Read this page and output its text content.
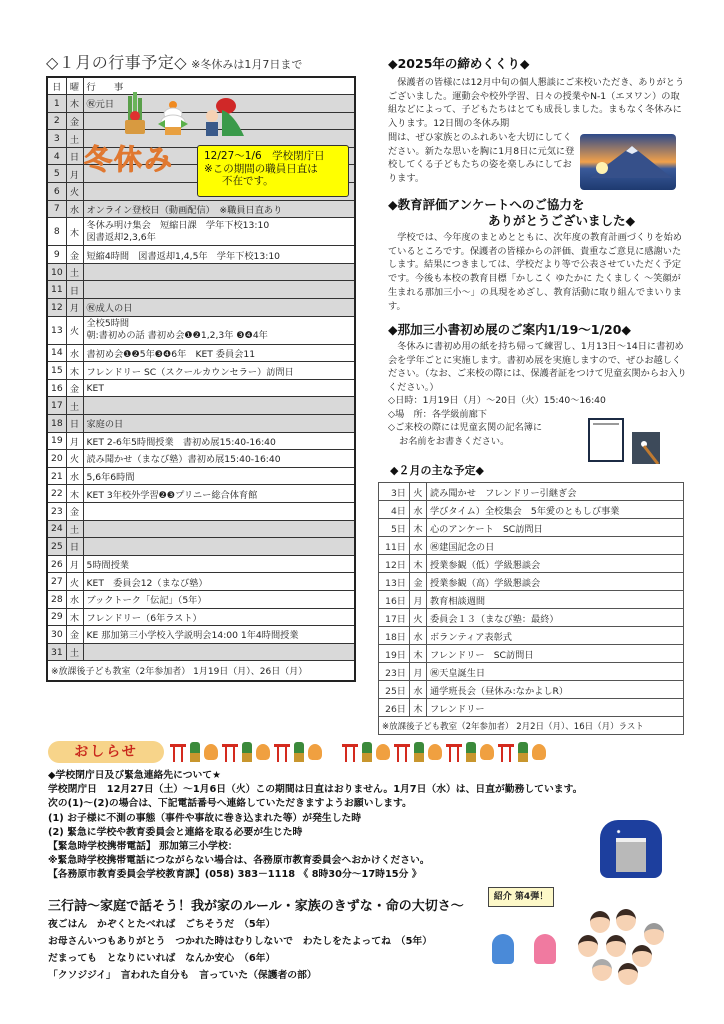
◇１月の行事予定◇ ※冬休みは1月7日まで
日	曜	行　　事
1	木	㊗元日

2	金	

3	土	

4	日	

5	月	

6	火	

7	水	オンライン登校日（動画配信）　※職員日直あり

8	木	冬休み明け集会　短縮日課　学年下校13:10
図書返却2,3,6年

9	金	短縮4時間　図書返却1,4,5年　学年下校13:10

10	土	

11	日	

12	月	㊗成人の日

13	火	全校5時間
朝:書初めの話 書初め会❶❷1,2,3年 ❸❹4年

14	水	書初め会❶❷5年❸❹6年　KET 委員会11

15	木	フレンドリー SC（スクールカウンセラー）訪問日

16	金	KET

17	土	

18	日	家庭の日

19	月	KET 2-6年5時間授業　書初め展15:40-16:40

20	火	読み聞かせ（まなび塾）書初め展15:40-16:40

21	水	5,6年6時間

22	木	KET 3年校外学習❷❸プリニー総合体育館

23	金	

24	土	

25	日	

26	月	5時間授業

27	火	KET　委員会12（まなび塾）

28	水	ブックトーク「伝記」（5年）

29	木	フレンドリー（6年ラスト）

30	金	KE 那加第三小学校入学説明会14:00 1年4時間授業

31	土	

※放課後子ども教室（2年参加者） 1月19日（月）、26日（月）		
冬休み	12/27～1/6　学校閉庁日
※この期間の職員日直は
不在です。
◆2025年の締めくくり◆
保護者の皆様には12月中旬の個人懇談にご来校いただき、ありがとうございました。運動会や校外学習、日々の授業やN-1（エヌワン）の取組などによって、子どもたちはとても成長しました。まもなく冬休みに入ります。12日間の冬休み期
間は、ぜひ家族とのふれあいを大切にしてください。新たな思いを胸に1月8日に元気に登校してくる子どもたちの姿を楽しみにしております。
◆教育評価アンケートへのご協力を
ありがとうございました◆
学校では、今年度のまとめとともに、次年度の教育計画づくりを始めているところです。保護者の皆様からの評価、貴重なご意見に感謝いたします。結果につきましては、学校だより等で公表させていただく予定です。今後も本校の教育目標「かしこく ゆたかに たくましく ～笑顔が生まれる那加三小～」の具現をめざし、教育活動に取り組んでまいります。
◆那加三小書初め展のご案内1/19～1/20◆
冬休みに書初め用の紙を持ち帰って練習し、1月13日～14日に書初め会を学年ごとに実施します。書初め展を実施しますので、ぜひお越しください。（なお、ご来校の際には、保護者証をつけて児童玄関からお入りください。）
◇日時：1月19日（月）～20日（火）15:40～16:40
◇場　所：各学級前廊下
◇ご来校の際には児童玄関の記名簿に
お名前をお書きください。
◆２月の主な予定◆
3日	火	読み聞かせ　フレンドリー引継ぎ会
4日	水	学びタイム）全校集会　5年愛のともしび事業
5日	木	心のアンケート　SC訪問日
11日	水	㊗建国記念の日
12日	木	授業参観（低）学級懇談会
13日	金	授業参観（高）学級懇談会
16日	月	教育相談週間
17日	火	委員会１３（まなび塾：最終）
18日	水	ボランティア表彰式
19日	木	フレンドリー　SC訪問日
23日	月	㊗天皇誕生日
25日	水	通学班長会（昼休み:なかよしR）
26日	木	フレンドリー
※放課後子ども教室（2年参加者） 2月2日（月）、16日（月）ラスト		
おしらせ
◆学校閉庁日及び緊急連絡先について★
学校閉庁日　12月27日（土）～1月6日（火）この期間は日直はおりません。1月7日（水）は、日直が勤務しています。
次の(1)～(2)の場合は、下記電話番号へ連絡していただきますようお願いします。
(1) お子様に不測の事態（事件や事故に巻き込まれた等）が発生した時
(2) 緊急に学校や教育委員会と連絡を取る必要が生じた時
【緊急時学校携帯電話】 那加第三小学校：
※緊急時学校携帯電話につながらない場合は、各務原市教育委員会へおかけください。
【各務原市教育委員会学校教育課】(058) 383－1118 《 8時30分～17時15分 》
三行詩～家庭で話そう！我が家のルール・家族のきずな・命の大切さ～
紹介 第4弾！
夜ごはん　かぞくとたべれば　ごちそうだ　（5年）
お母さんいつもありがとう　つかれた時はむりしないで　わたしをたよってね　（5年）
だまっても　となりにいれば　なんか安心　（6年）
「クソジジイ」　言われた自分も　言っていた（保護者の部）
